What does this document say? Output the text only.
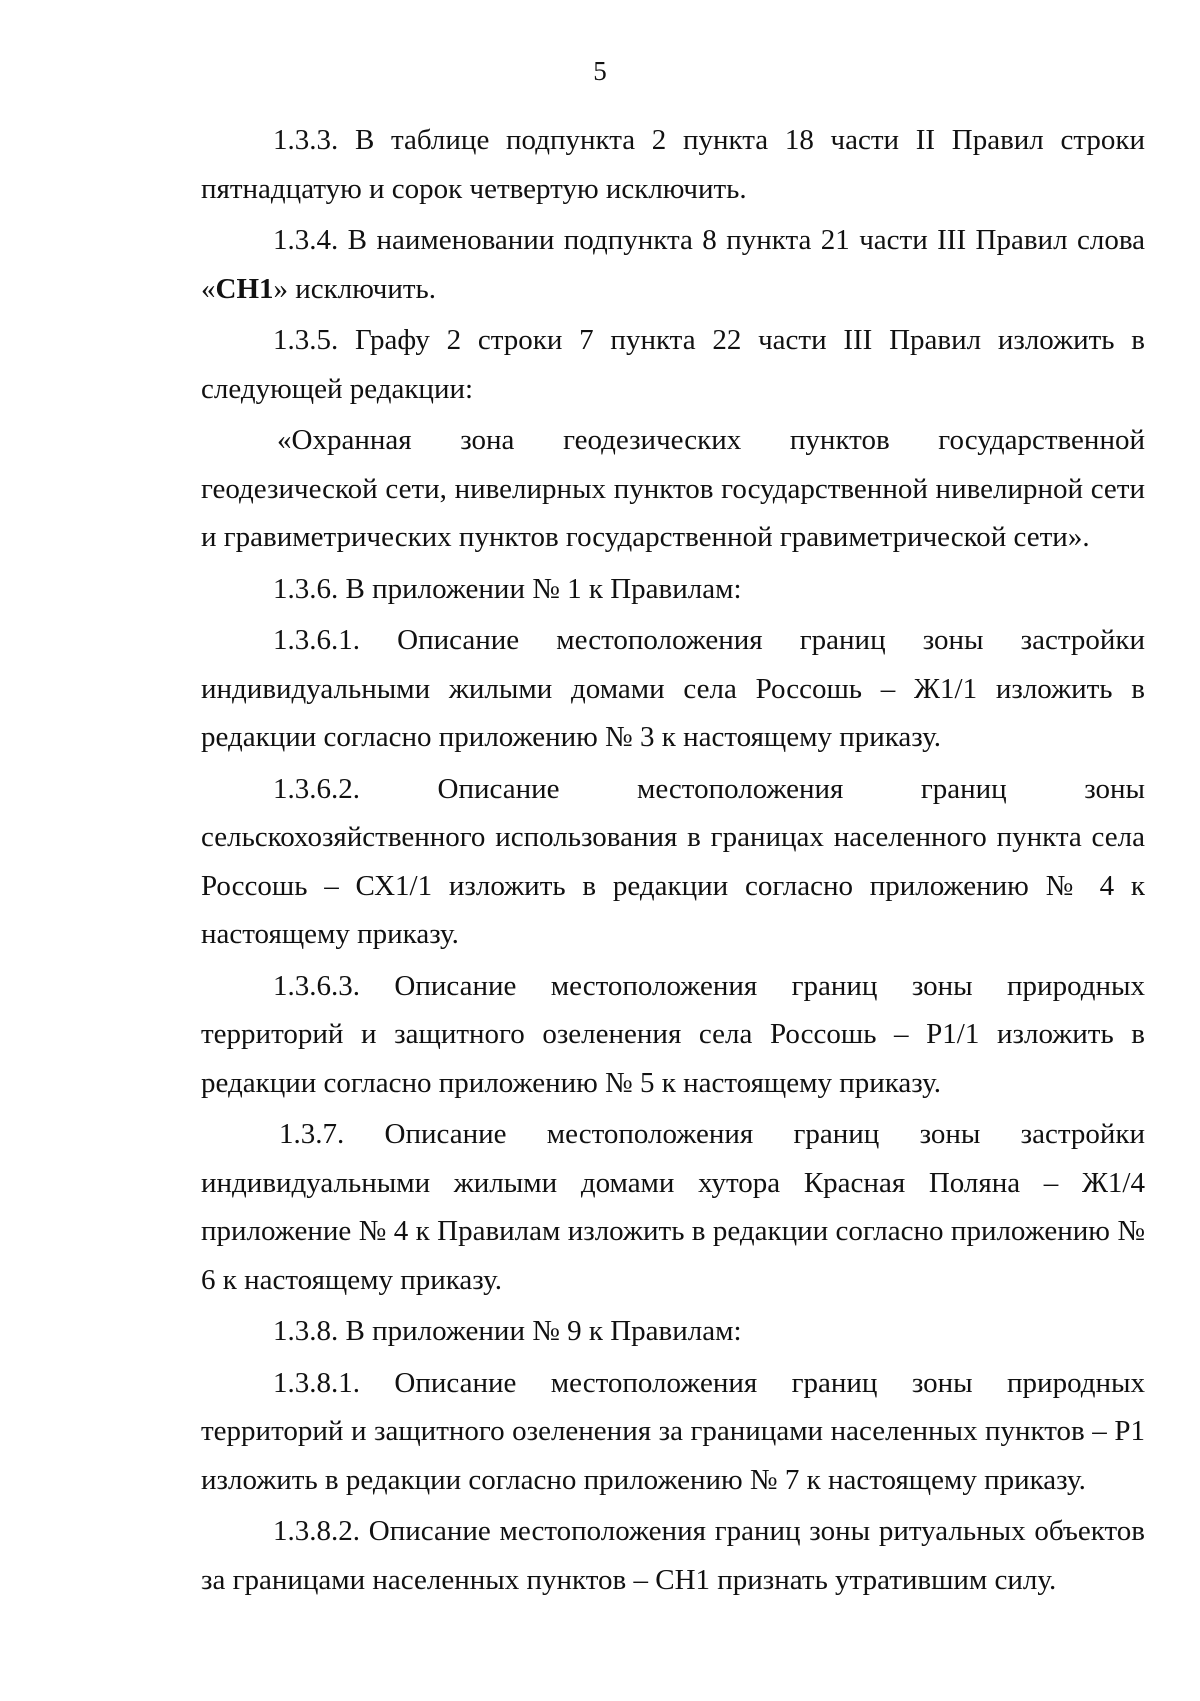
5

1.3.3. В таблице подпункта 2 пункта 18 части II Правил строки пятнадцатую и сорок четвертую исключить.

1.3.4. В наименовании подпункта 8 пункта 21 части III Правил слова «СН1» исключить.

1.3.5. Графу 2 строки 7 пункта 22 части III Правил изложить в следующей редакции:

«Охранная зона геодезических пунктов государственной геодезической сети, нивелирных пунктов государственной нивелирной сети и гравиметрических пунктов государственной гравиметрической сети».

1.3.6. В приложении № 1 к Правилам:

1.3.6.1. Описание местоположения границ зоны застройки индивидуальными жилыми домами села Россошь – Ж1/1 изложить в редакции согласно приложению № 3 к настоящему приказу.

1.3.6.2. Описание местоположения границ зоны сельскохозяйственного использования в границах населенного пункта села Россошь – СХ1/1 изложить в редакции согласно приложению № 4 к настоящему приказу.

1.3.6.3. Описание местоположения границ зоны природных территорий и защитного озеленения села Россошь – Р1/1 изложить в редакции согласно приложению № 5 к настоящему приказу.

1.3.7. Описание местоположения границ зоны застройки индивидуальными жилыми домами хутора Красная Поляна – Ж1/4 приложение № 4 к Правилам изложить в редакции согласно приложению № 6 к настоящему приказу.

1.3.8. В приложении № 9 к Правилам:

1.3.8.1. Описание местоположения границ зоны природных территорий и защитного озеленения за границами населенных пунктов – Р1 изложить в редакции согласно приложению № 7 к настоящему приказу.

1.3.8.2. Описание местоположения границ зоны ритуальных объектов за границами населенных пунктов – СН1 признать утратившим силу.
